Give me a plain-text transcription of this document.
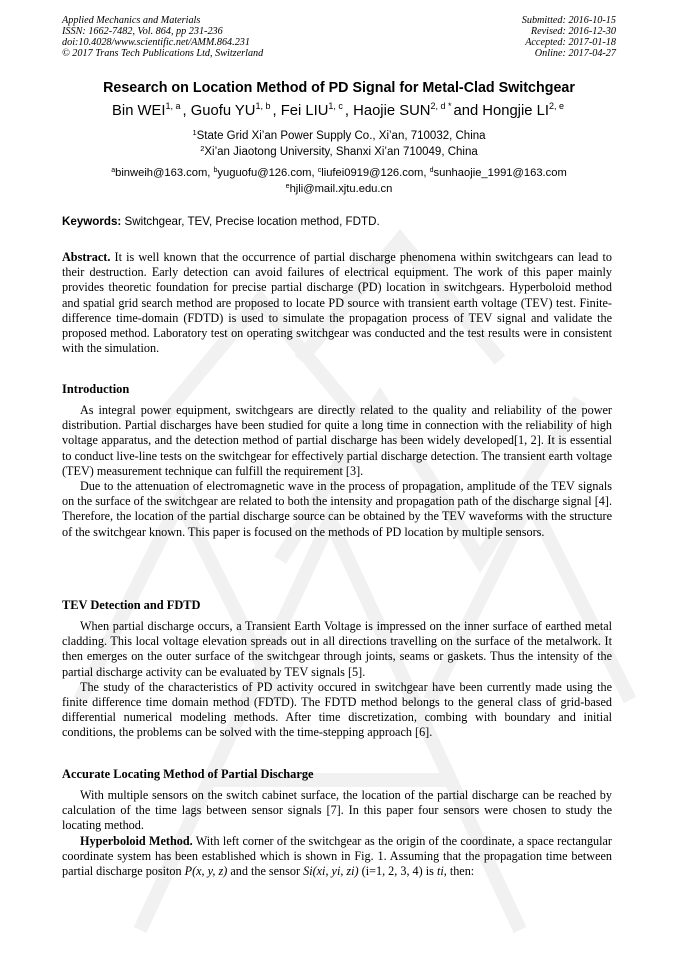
Applied Mechanics and Materials
ISSN: 1662-7482, Vol. 864, pp 231-236
doi:10.4028/www.scientific.net/AMM.864.231
© 2017 Trans Tech Publications Ltd, Switzerland
Submitted: 2016-10-15
Revised: 2016-12-30
Accepted: 2017-01-18
Online: 2017-04-27
Research on Location Method of PD Signal for Metal-Clad Switchgear
Bin WEI$^{1, a}$ , Guofu YU$^{1, b}$ , Fei LIU$^{1, c}$ , Haojie $SUN^{2, d *}$ and Hongjie LI$^{2, e}$
$^1$State Grid Xi’an Power Supply Co., Xi’an, 710032, China
$^2$Xi’an Jiaotong University, Shanxi Xi’an 710049, China
$^a$binweih@163.com, $^b$yuguofu@126.com, $^c$liufei0919@126.com, $^d$sunhaojie_1991@163.com
$^e$hjli@mail.xjtu.edu.cn
Keywords: Switchgear, TEV, Precise location method, FDTD.

Abstract. It is well known that the occurrence of partial discharge phenomena within switchgears can lead to their destruction. Early detection can avoid failures of electrical equipment. The work of this paper mainly provides theoretic foundation for precise partial discharge (PD) location in switchgears. Hyperboloid method and spatial grid search method are proposed to locate PD source with transient earth voltage (TEV) test. Finite-difference time-domain (FDTD) is used to simulate the propagation process of TEV signal and validate the proposed method. Laboratory test on operating switchgear was conducted and the test results were in consistent with the simulation.

Introduction

As integral power equipment, switchgears are directly related to the quality and reliability of the power distribution. Partial discharges have been studied for quite a long time in connection with the reliability of high voltage apparatus, and the detection method of partial discharge has been widely developed[1, 2]. It is essential to conduct live-line tests on the switchgear for effectively partial discharge detection. The transient earth voltage (TEV) measurement technique can fulfill the requirement [3].

Due to the attenuation of electromagnetic wave in the process of propagation, amplitude of the TEV signals on the surface of the switchgear are related to both the intensity and propagation path of the discharge signal [4]. Therefore, the location of the partial discharge source can be obtained by the TEV waveforms with the structure of the switchgear known. This paper is focused on the methods of PD location by multiple sensors.

TEV Detection and FDTD

When partial discharge occurs, a Transient Earth Voltage is impressed on the inner surface of earthed metal cladding. This local voltage elevation spreads out in all directions travelling on the surface of the metalwork. It then emerges on the outer surface of the switchgear through joints, seams or gaskets. Thus the intensity of the partial discharge activity can be evaluated by TEV signals [5].

The study of the characteristics of PD activity occured in switchgear have been currently made using the finite difference time domain method (FDTD). The FDTD method belongs to the general class of grid-based differential numerical modeling methods. After time discretization, combing with boundary and initial conditions, the problems can be solved with the time-stepping approach [6].

Accurate Locating Method of Partial Discharge

With multiple sensors on the switch cabinet surface, the location of the partial discharge can be reached by calculation of the time lags between sensor signals [7]. In this paper four sensors were chosen to study the locating method.

Hyperboloid Method. With left corner of the switchgear as the origin of the coordinate, a space rectangular coordinate system has been established which is shown in Fig. 1. Assuming that the propagation time between partial discharge positon P(x, y, z) and the sensor Si(xi, yi, zi) (i=1, 2, 3, 4) is ti, then:
